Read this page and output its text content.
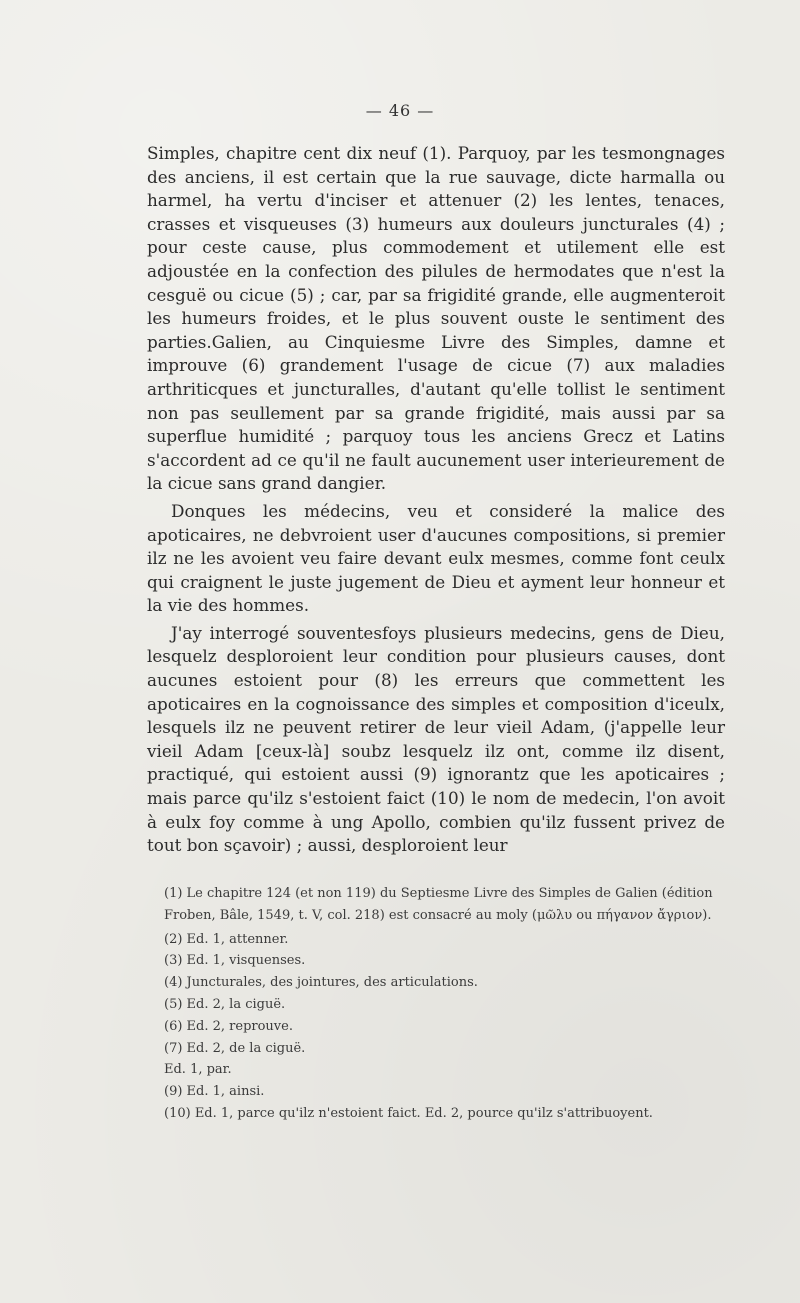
— 46 —

Simples, chapitre cent dix neuf (1). Parquoy, par les tesmongnages des anciens, il est certain que la rue sauvage, dicte harmalla ou harmel, ha vertu d'inciser et attenuer (2) les lentes, tenaces, crasses et visqueuses (3) humeurs aux douleurs juncturales (4) ; pour ceste cause, plus commodement et utilement elle est adjoustée en la confection des pilules de hermodates que n'est la cesguë ou cicue (5) ; car, par sa frigidité grande, elle augmenteroit les humeurs froides, et le plus souvent ouste le sentiment des parties.Galien, au Cinquiesme Livre des Simples, damne et improuve (6) grandement l'usage de cicue (7) aux maladies arthriticques et juncturalles, d'autant qu'elle tollist le sentiment non pas seullement par sa grande frigidité, mais aussi par sa superflue humidité ; parquoy tous les anciens Grecz et Latins s'accordent ad ce qu'il ne fault aucunement user interieurement de la cicue sans grand dangier.

Donques les médecins, veu et consideré la malice des apoticaires, ne debvroient user d'aucunes compositions, si premier ilz ne les avoient veu faire devant eulx mesmes, comme font ceulx qui craignent le juste jugement de Dieu et ayment leur honneur et la vie des hommes.

J'ay interrogé souventesfoys plusieurs medecins, gens de Dieu, lesquelz desploroient leur condition pour plusieurs causes, dont aucunes estoient pour (8) les erreurs que commettent les apoticaires en la cognoissance des simples et composition d'iceulx, lesquels ilz ne peuvent retirer de leur vieil Adam, (j'appelle leur vieil Adam [ceux-là] soubz lesquelz ilz ont, comme ilz disent, practiqué, qui estoient aussi (9) ignorantz que les apoticaires ; mais parce qu'ilz s'estoient faict (10) le nom de medecin, l'on avoit à eulx foy comme à ung Apollo, combien qu'ilz fussent privez de tout bon sçavoir) ; aussi, desploroient leur

(1) Le chapitre 124 (et non 119) du Septiesme Livre des Simples de Galien (édition Froben, Bâle, 1549, t. V, col. 218) est consacré au moly (μῶλυ ou πήγανον ἄγριον).
(2) Ed. 1, attenner.
(3) Ed. 1, visquenses.
(4) Juncturales, des jointures, des articulations.
(5) Ed. 2, la ciguë.
(6) Ed. 2, reprouve.
(7) Ed. 2, de la ciguë.
Ed. 1, par.
(9) Ed. 1, ainsi.
(10) Ed. 1, parce qu'ilz n'estoient faict. Ed. 2, pource qu'ilz s'attribuoyent.
